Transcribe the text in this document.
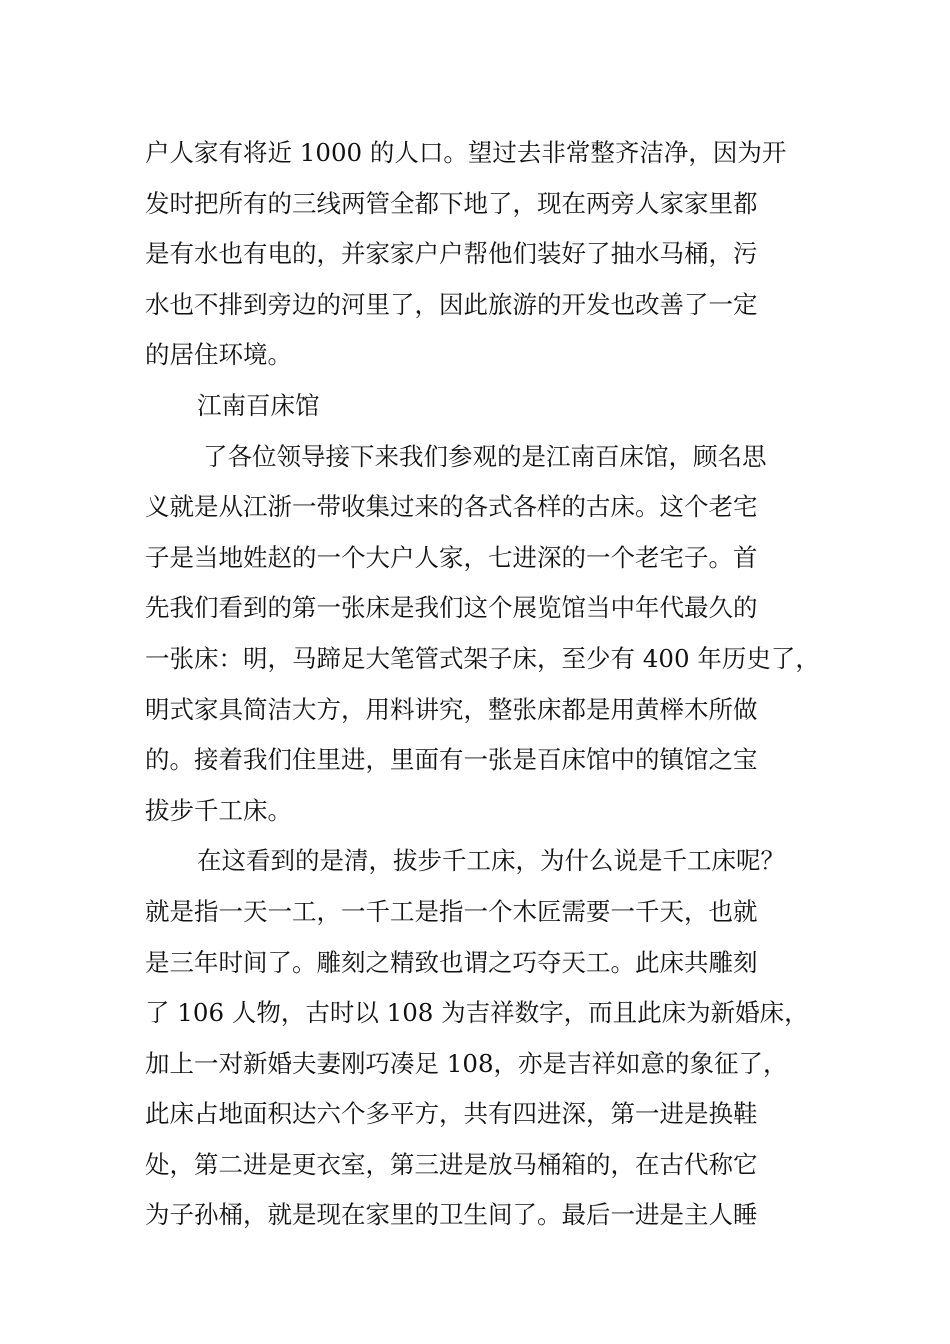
户人家有将近 1000 的人口。望过去非常整齐洁净，因为开
发时把所有的三线两管全都下地了，现在两旁人家家里都
是有水也有电的，并家家户户帮他们装好了抽水马桶，污
水也不排到旁边的河里了，因此旅游的开发也改善了一定
的居住环境。
江南百床馆
了各位领导接下来我们参观的是江南百床馆，顾名思
义就是从江浙一带收集过来的各式各样的古床。这个老宅
子是当地姓赵的一个大户人家，七进深的一个老宅子。首
先我们看到的第一张床是我们这个展览馆当中年代最久的
一张床：明，马蹄足大笔管式架子床，至少有 400 年历史了，
明式家具简洁大方，用料讲究，整张床都是用黄榉木所做
的。接着我们住里进，里面有一张是百床馆中的镇馆之宝
拔步千工床。
在这看到的是清，拔步千工床，为什么说是千工床呢？
就是指一天一工，一千工是指一个木匠需要一千天，也就
是三年时间了。雕刻之精致也谓之巧夺天工。此床共雕刻
了 106 人物，古时以 108 为吉祥数字，而且此床为新婚床，
加上一对新婚夫妻刚巧凑足 108，亦是吉祥如意的象征了，
此床占地面积达六个多平方，共有四进深，第一进是换鞋
处，第二进是更衣室，第三进是放马桶箱的，在古代称它
为子孙桶，就是现在家里的卫生间了。最后一进是主人睡
